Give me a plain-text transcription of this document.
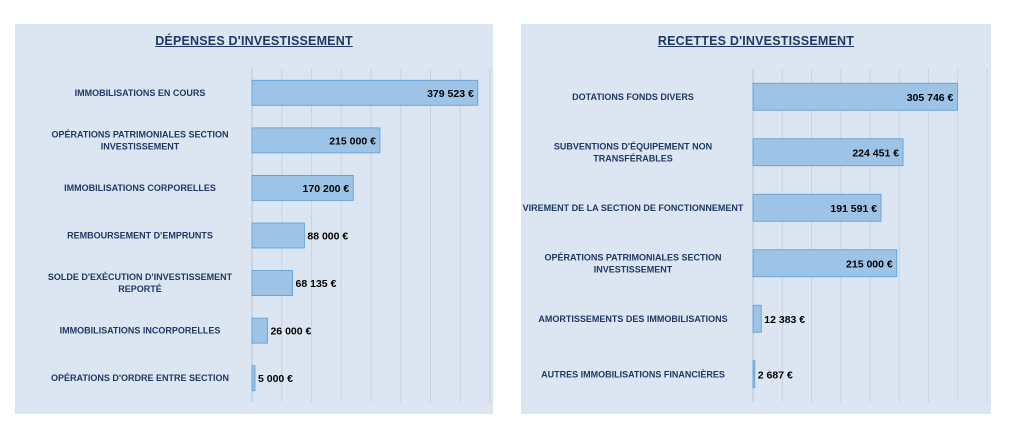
DÉPENSES D'INVESTISSEMENT
379 523 €
IMMOBILISATIONS EN COURS
215 000 €
OPÉRATIONS PATRIMONIALES SECTION INVESTISSEMENT
170 200 €
IMMOBILISATIONS CORPORELLES
88 000 €
REMBOURSEMENT D'EMPRUNTS
68 135 €
SOLDE D'EXÉCUTION D'INVESTISSEMENT REPORTÉ
26 000 €
IMMOBILISATIONS INCORPORELLES
5 000 €
OPÉRATIONS D'ORDRE ENTRE SECTION
RECETTES D'INVESTISSEMENT
305 746 €
DOTATIONS FONDS DIVERS
224 451 €
SUBVENTIONS D'ÉQUIPEMENT NON TRANSFÉRABLES
191 591 €
VIREMENT DE LA SECTION DE FONCTIONNEMENT
215 000 €
OPÉRATIONS PATRIMONIALES SECTION INVESTISSEMENT
12 383 €
AMORTISSEMENTS DES IMMOBILISATIONS
2 687 €
AUTRES IMMOBILISATIONS FINANCIÈRES
